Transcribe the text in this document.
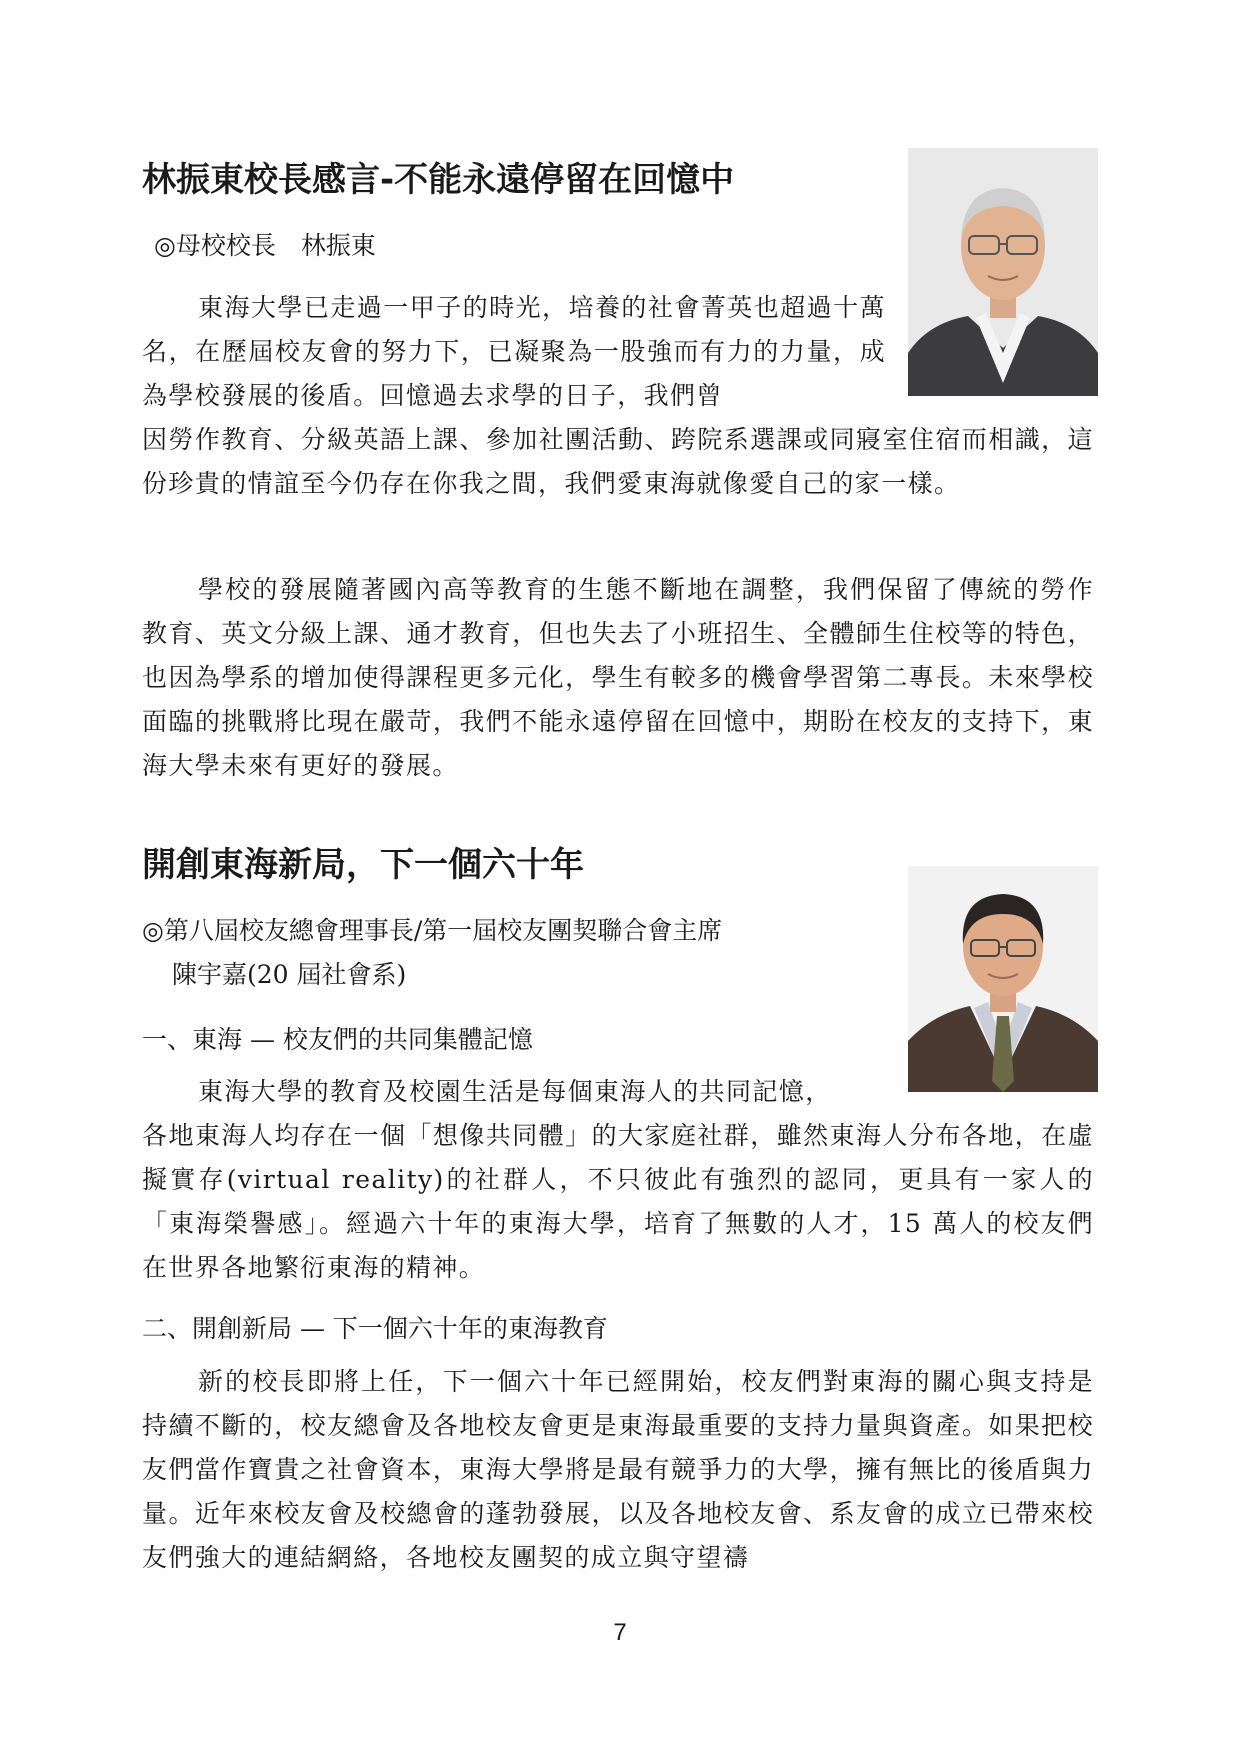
林振東校長感言-不能永遠停留在回憶中
◎母校校長　林振東

東海大學已走過一甲子的時光，培養的社會菁英也超過十萬名，在歷屆校友會的努力下，已凝聚為一股強而有力的力量，成為學校發展的後盾。回憶過去求學的日子，我們曾

因勞作教育、分級英語上課、參加社團活動、跨院系選課或同寢室住宿而相識，這份珍貴的情誼至今仍存在你我之間，我們愛東海就像愛自己的家一樣。

學校的發展隨著國內高等教育的生態不斷地在調整，我們保留了傳統的勞作教育、英文分級上課、通才教育，但也失去了小班招生、全體師生住校等的特色，也因為學系的增加使得課程更多元化，學生有較多的機會學習第二專長。未來學校面臨的挑戰將比現在嚴苛，我們不能永遠停留在回憶中，期盼在校友的支持下，東海大學未來有更好的發展。

開創東海新局，下一個六十年
◎第八屆校友總會理事長/第一屆校友團契聯合會主席
陳宇嘉(20 屆社會系)
一、東海 — 校友們的共同集體記憶

東海大學的教育及校園生活是每個東海人的共同記憶，

各地東海人均存在一個「想像共同體」的大家庭社群，雖然東海人分布各地，在虛擬實存(virtual reality)的社群人，不只彼此有強烈的認同，更具有一家人的「東海榮譽感」。經過六十年的東海大學，培育了無數的人才，15 萬人的校友們在世界各地繁衍東海的精神。

二、開創新局 — 下一個六十年的東海教育

新的校長即將上任，下一個六十年已經開始，校友們對東海的關心與支持是持續不斷的，校友總會及各地校友會更是東海最重要的支持力量與資產。如果把校友們當作寶貴之社會資本，東海大學將是最有競爭力的大學，擁有無比的後盾與力量。近年來校友會及校總會的蓬勃發展，以及各地校友會、系友會的成立已帶來校友們強大的連結網絡，各地校友團契的成立與守望禱

7
